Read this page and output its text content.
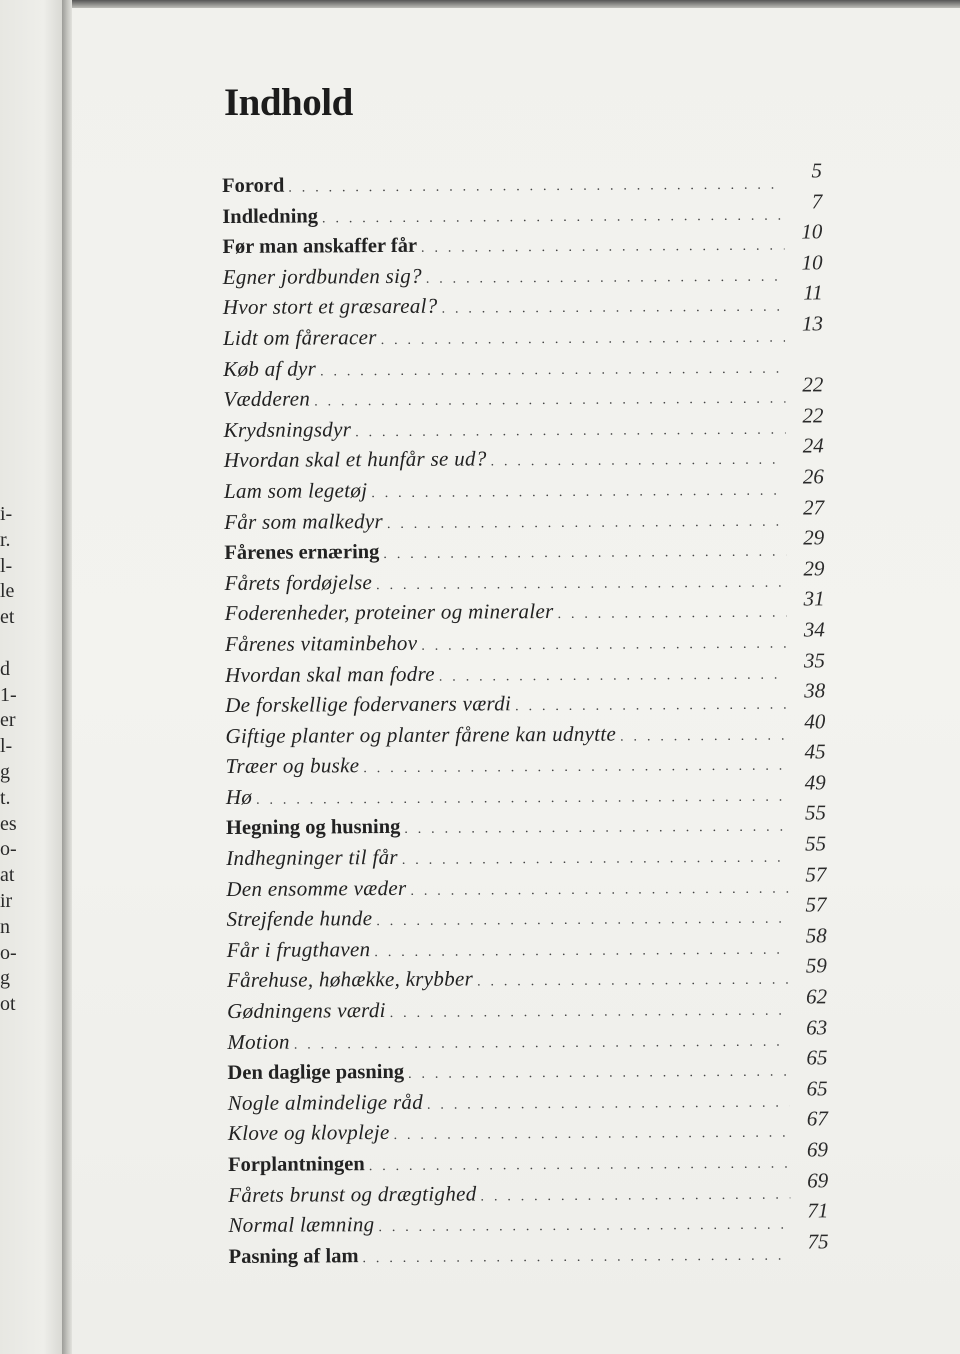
i-
r.
l-
le
et
d
1-
er
l-
g
t.
es
o-
at
ir
n
o-
g
ot
Indhold
Forord
. . .
5
Indledning
. . .
7
Før man anskaffer får
. . .
10
Egner jordbunden sig?
. . .
10
Hvor stort et græsareal?
. . .
11
Lidt om fåreracer
. . .
13
Køb af dyr
. . .
Vædderen
. . .
22
Krydsningsdyr
. . .
22
Hvordan skal et hunfår se ud?
. . .
24
Lam som legetøj
. . .
26
Får som malkedyr
. . .
27
Fårenes ernæring
. . .
29
Fårets fordøjelse
. . .
29
Foderenheder, proteiner og mineraler
. . .
31
Fårenes vitaminbehov
. . .
34
Hvordan skal man fodre
. . .
35
De forskellige fodervaners værdi
. . .
38
Giftige planter og planter fårene kan udnytte
. . .
40
Træer og buske
. . .
45
Hø
. . .
49
Hegning og husning
. . .
55
Indhegninger til får
. . .
55
Den ensomme væder
. . .
57
Strejfende hunde
. . .
57
Får i frugthaven
. . .
58
Fårehuse, høhække, krybber
. . .
59
Gødningens værdi
. . .
62
Motion
. . .
63
Den daglige pasning
. . .
65
Nogle almindelige råd
. . .
65
Klove og klovpleje
. . .
67
Forplantningen
. . .
69
Fårets brunst og drægtighed
. . .
69
Normal læmning
. . .
71
Pasning af lam
. . .
75
